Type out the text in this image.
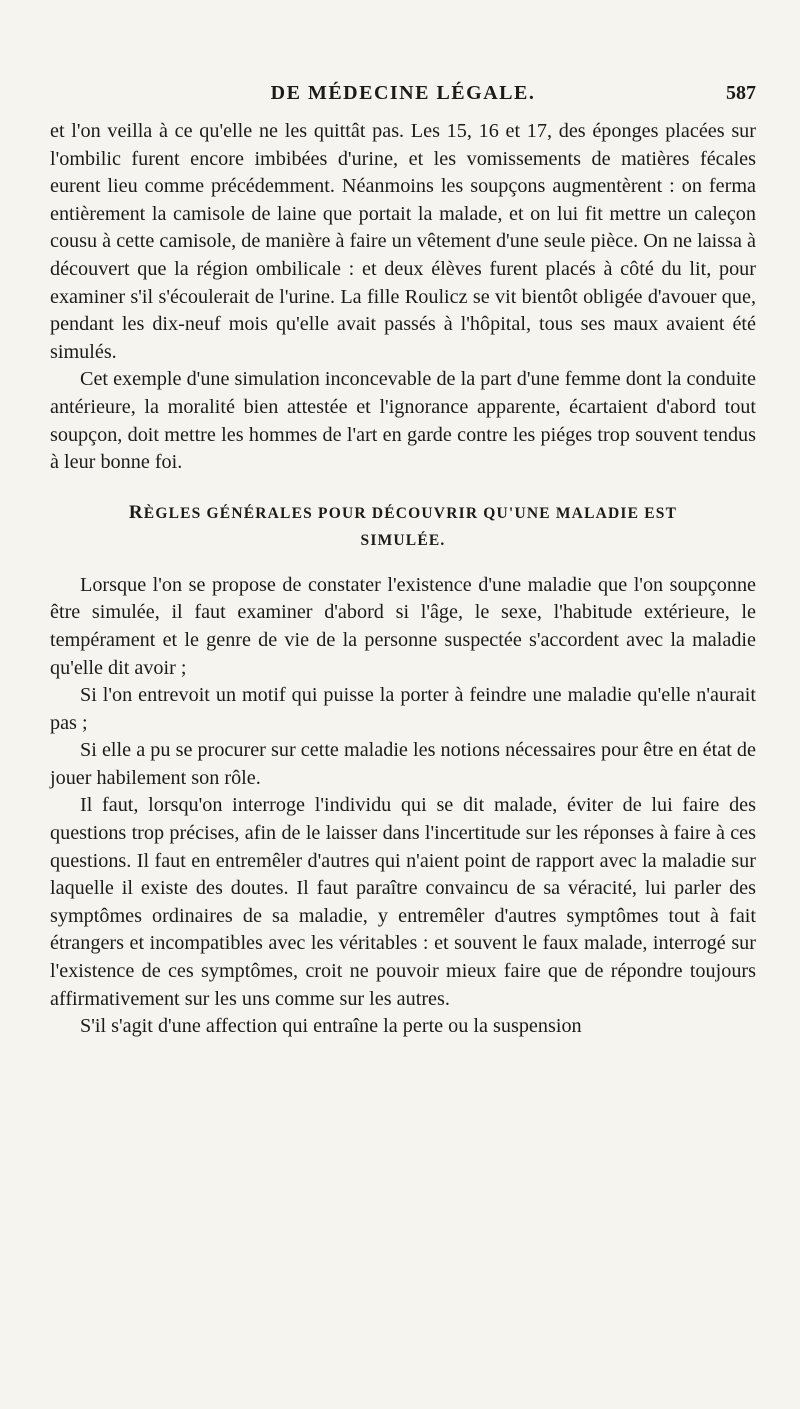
DE MÉDECINE LÉGALE.	587

et l'on veilla à ce qu'elle ne les quittât pas. Les 15, 16 et 17, des éponges placées sur l'ombilic furent encore imbibées d'urine, et les vomissements de matières fécales eurent lieu comme précédemment. Néanmoins les soupçons augmentèrent : on ferma entièrement la camisole de laine que portait la malade, et on lui fit mettre un caleçon cousu à cette camisole, de manière à faire un vêtement d'une seule pièce. On ne laissa à découvert que la région ombilicale : et deux élèves furent placés à côté du lit, pour examiner s'il s'écoulerait de l'urine. La fille Roulicz se vit bientôt obligée d'avouer que, pendant les dix-neuf mois qu'elle avait passés à l'hôpital, tous ses maux avaient été simulés.

Cet exemple d'une simulation inconcevable de la part d'une femme dont la conduite antérieure, la moralité bien attestée et l'ignorance apparente, écartaient d'abord tout soupçon, doit mettre les hommes de l'art en garde contre les piéges trop souvent tendus à leur bonne foi.

RÈGLES GÉNÉRALES POUR DÉCOUVRIR QU'UNE MALADIE EST
SIMULÉE.

Lorsque l'on se propose de constater l'existence d'une maladie que l'on soupçonne être simulée, il faut examiner d'abord si l'âge, le sexe, l'habitude extérieure, le tempérament et le genre de vie de la personne suspectée s'accordent avec la maladie qu'elle dit avoir ;

Si l'on entrevoit un motif qui puisse la porter à feindre une maladie qu'elle n'aurait pas ;

Si elle a pu se procurer sur cette maladie les notions nécessaires pour être en état de jouer habilement son rôle.

Il faut, lorsqu'on interroge l'individu qui se dit malade, éviter de lui faire des questions trop précises, afin de le laisser dans l'incertitude sur les réponses à faire à ces questions. Il faut en entremêler d'autres qui n'aient point de rapport avec la maladie sur laquelle il existe des doutes. Il faut paraître convaincu de sa véracité, lui parler des symptômes ordinaires de sa maladie, y entremêler d'autres symptômes tout à fait étrangers et incompatibles avec les véritables : et souvent le faux malade, interrogé sur l'existence de ces symptômes, croit ne pouvoir mieux faire que de répondre toujours affirmativement sur les uns comme sur les autres.

S'il s'agit d'une affection qui entraîne la perte ou la suspension
